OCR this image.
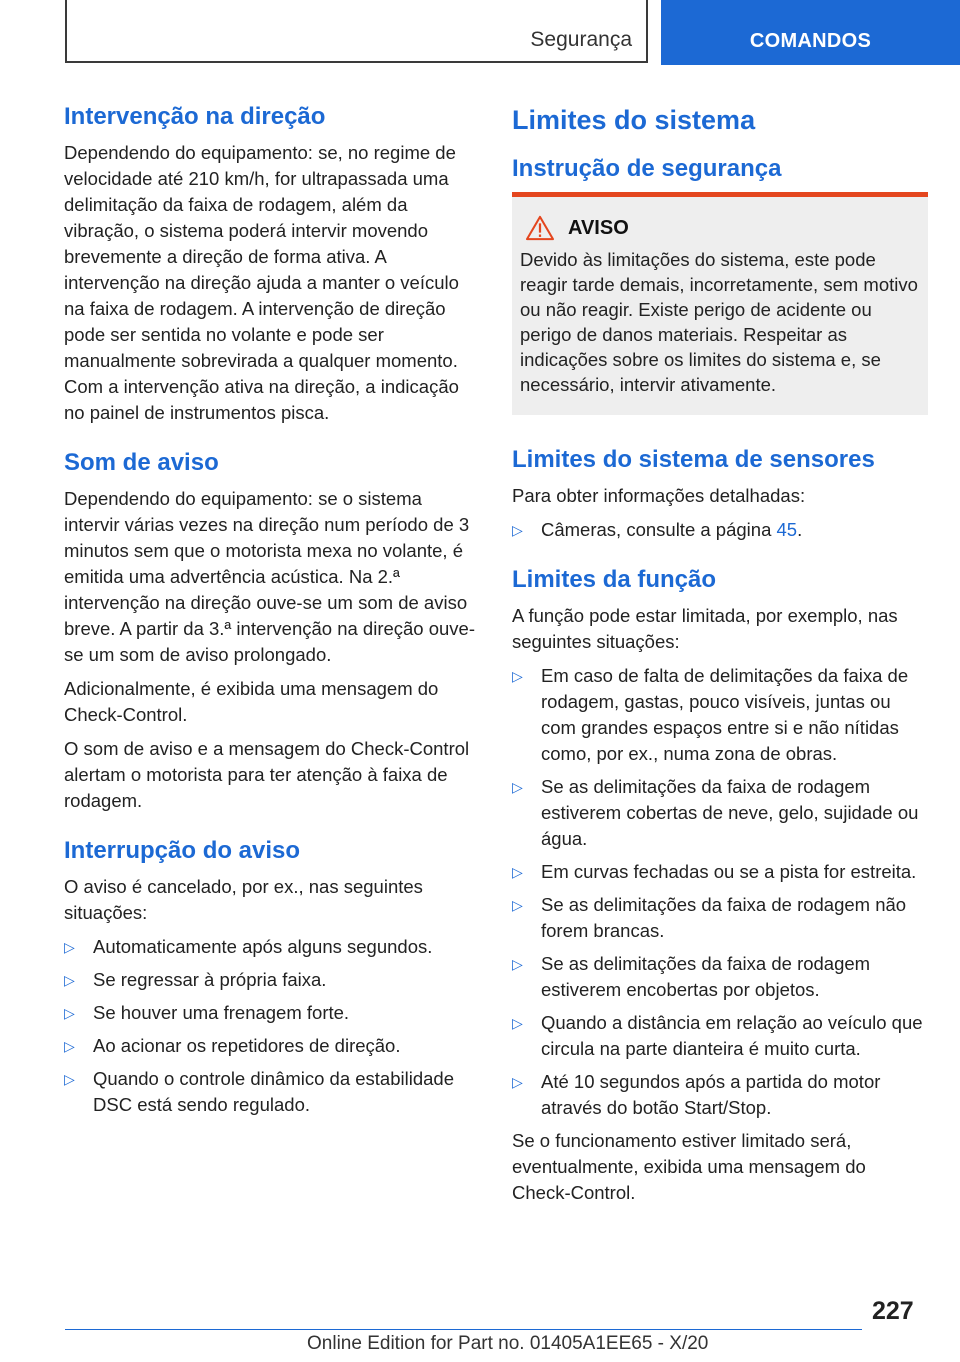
Segurança	COMANDOS
Intervenção na direção

Dependendo do equipamento: se, no regime de velocidade até 210 km/h, for ultrapassada uma delimitação da faixa de rodagem, além da vibração, o sistema poderá intervir movendo brevemente a direção de forma ativa. A intervenção na direção ajuda a manter o veículo na faixa de rodagem. A intervenção de direção pode ser sentida no volante e pode ser manualmente sobrevirada a qualquer momento. Com a intervenção ativa na direção, a indicação no painel de instrumentos pisca.

Som de aviso

Dependendo do equipamento: se o sistema intervir várias vezes na direção num período de 3 minutos sem que o motorista mexa no volante, é emitida uma advertência acústica. Na 2.ª intervenção na direção ouve-se um som de aviso breve. A partir da 3.ª intervenção na direção ouve-se um som de aviso prolongado.

Adicionalmente, é exibida uma mensagem do Check-Control.

O som de aviso e a mensagem do Check-Control alertam o motorista para ter atenção à faixa de rodagem.

Interrupção do aviso

O aviso é cancelado, por ex., nas seguintes situações:

▷ Automaticamente após alguns segundos.
▷ Se regressar à própria faixa.
▷ Se houver uma frenagem forte.
▷ Ao acionar os repetidores de direção.
▷ Quando o controle dinâmico da estabilidade DSC está sendo regulado.
Limites do sistema
Instrução de segurança
AVISO

Devido às limitações do sistema, este pode reagir tarde demais, incorretamente, sem motivo ou não reagir. Existe perigo de acidente ou perigo de danos materiais. Respeitar as indicações sobre os limites do sistema e, se necessário, intervir ativamente.

Limites do sistema de sensores

Para obter informações detalhadas:

▷ Câmeras, consulte a página 45.
Limites da função

A função pode estar limitada, por exemplo, nas seguintes situações:

▷ Em caso de falta de delimitações da faixa de rodagem, gastas, pouco visíveis, juntas ou com grandes espaços entre si e não nítidas como, por ex., numa zona de obras.
▷ Se as delimitações da faixa de rodagem estiverem cobertas de neve, gelo, sujidade ou água.
▷ Em curvas fechadas ou se a pista for estreita.
▷ Se as delimitações da faixa de rodagem não forem brancas.
▷ Se as delimitações da faixa de rodagem estiverem encobertas por objetos.
▷ Quando a distância em relação ao veículo que circula na parte dianteira é muito curta.
▷ Até 10 segundos após a partida do motor através do botão Start/Stop.

Se o funcionamento estiver limitado será, eventualmente, exibida uma mensagem do Check-Control.

227
Online Edition for Part no. 01405A1EE65 - X/20
